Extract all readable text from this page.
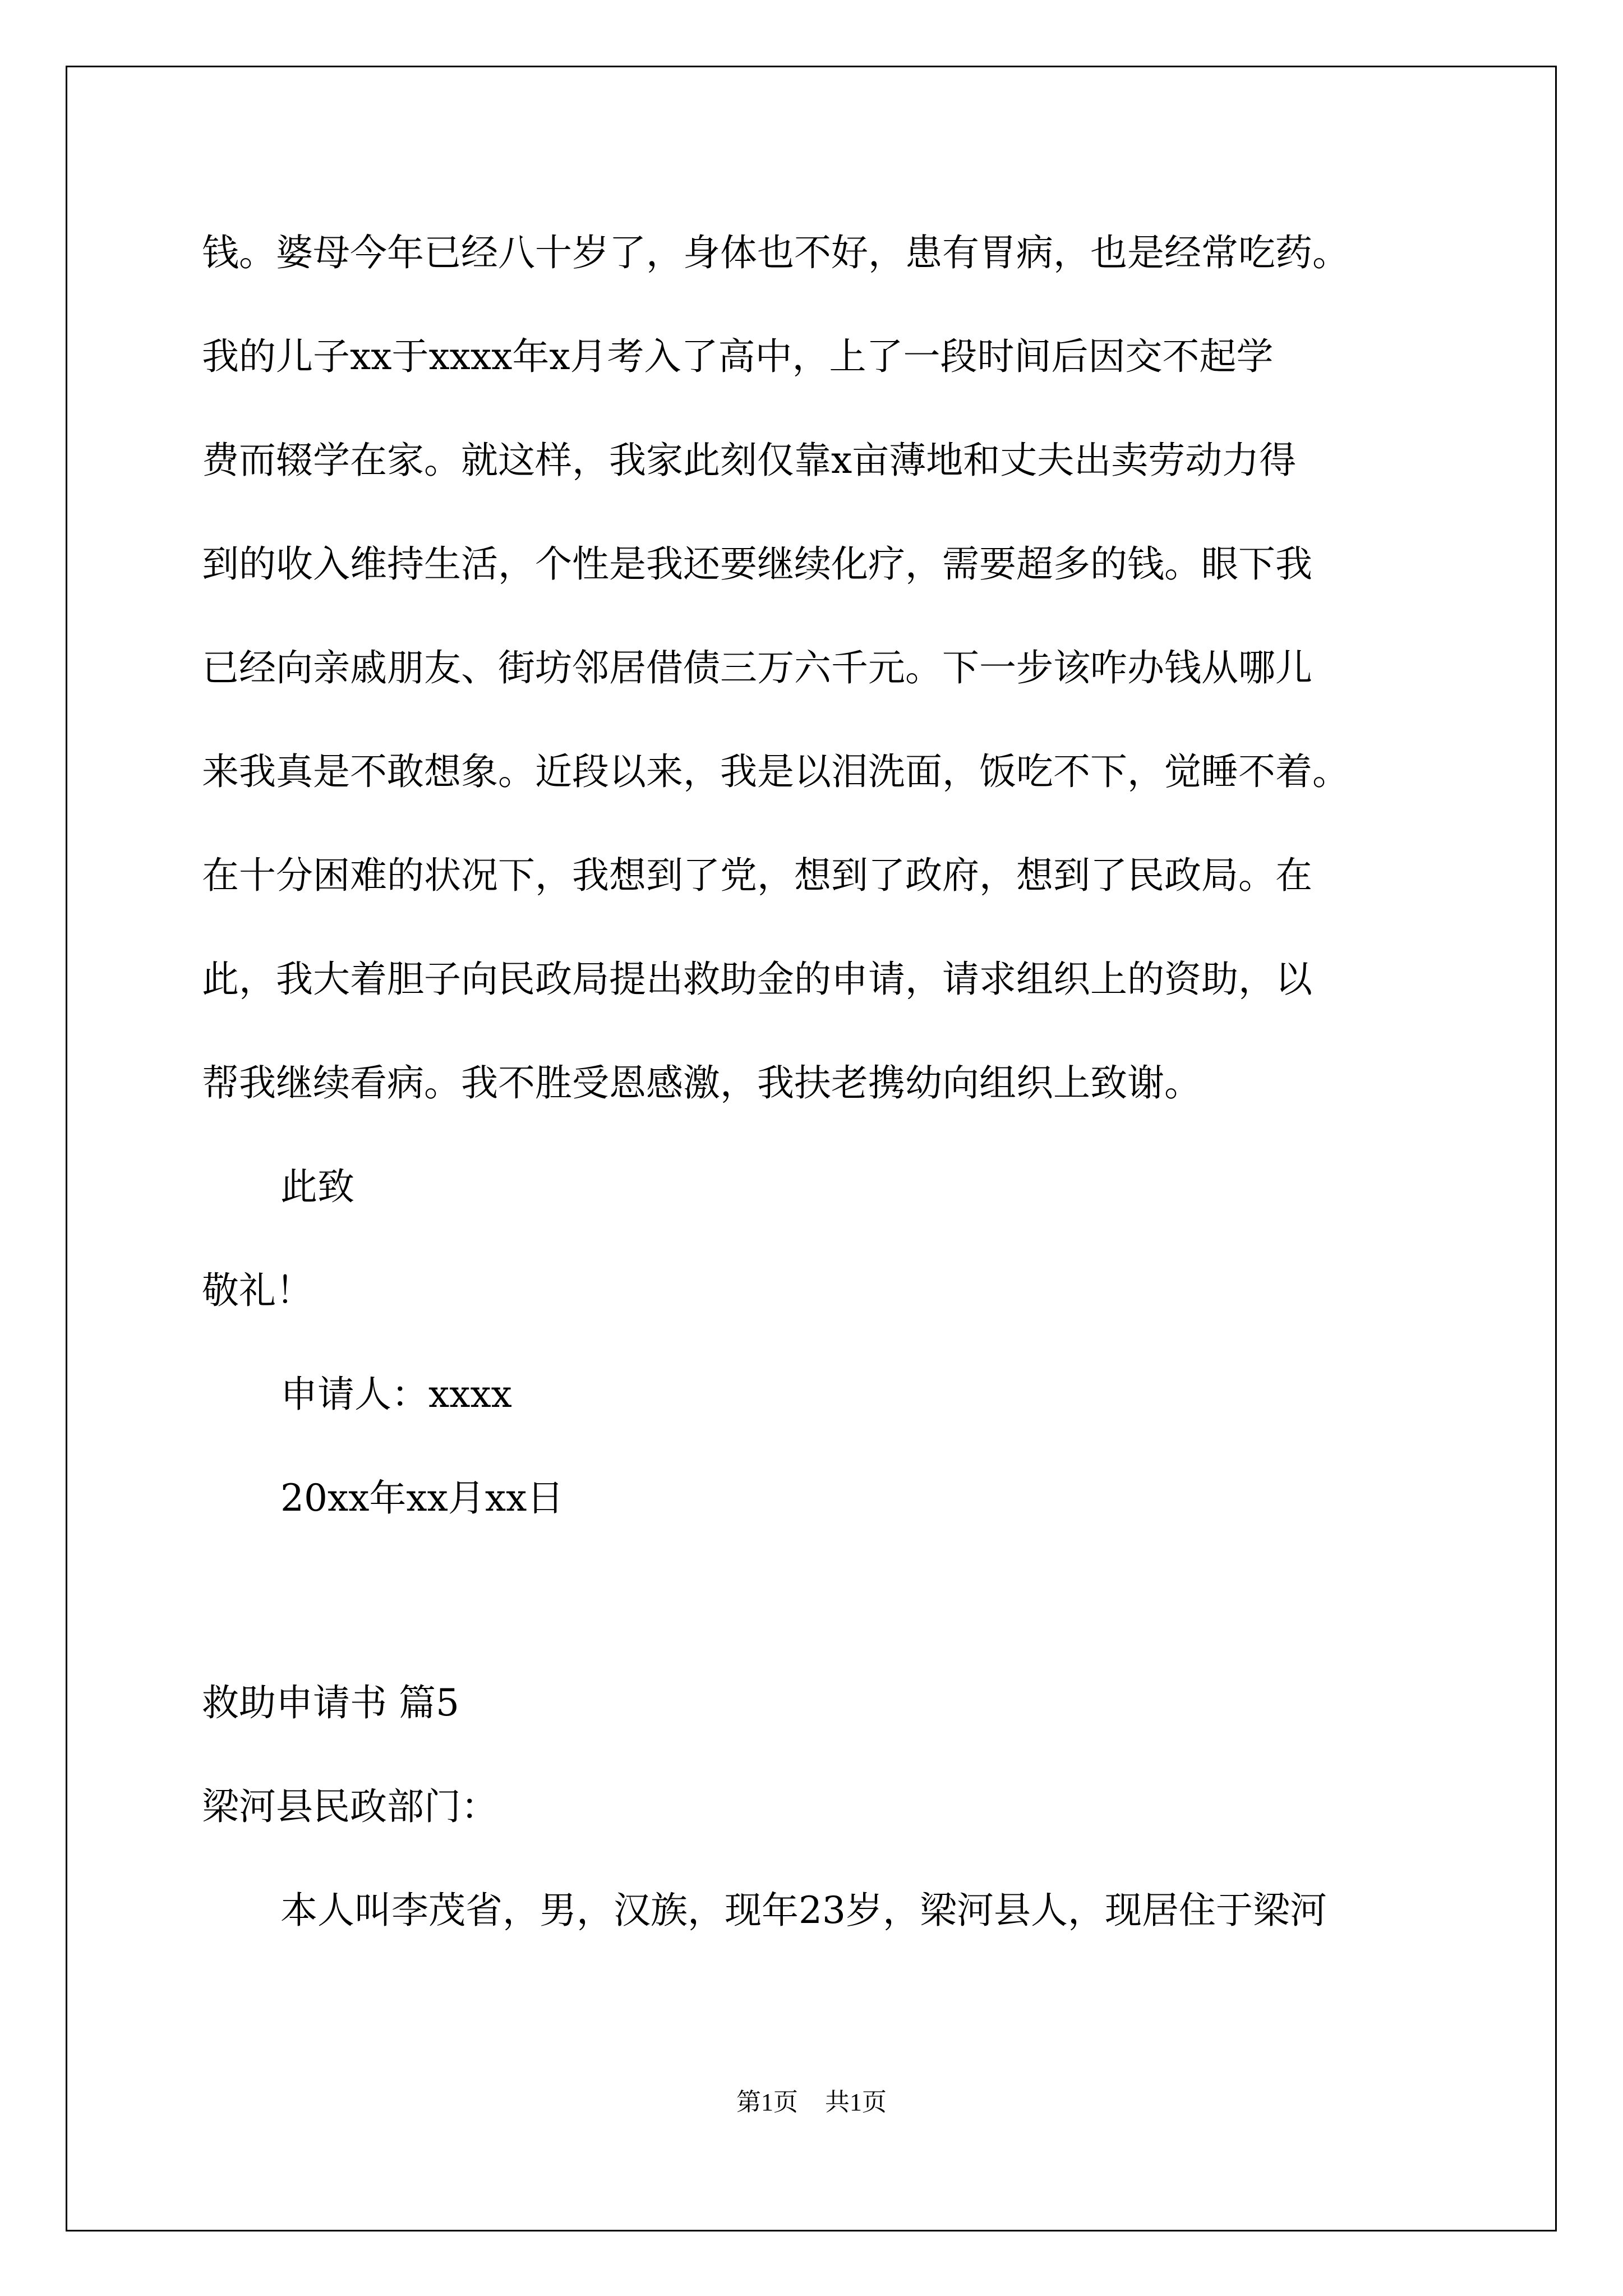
钱。婆母今年已经八十岁了，身体也不好，患有胃病，也是经常吃药。
我的儿子xx于xxxx年x月考入了高中，上了一段时间后因交不起学
费而辍学在家。就这样，我家此刻仅靠x亩薄地和丈夫出卖劳动力得
到的收入维持生活，个性是我还要继续化疗，需要超多的钱。眼下我
已经向亲戚朋友、街坊邻居借债三万六千元。下一步该咋办钱从哪儿
来我真是不敢想象。近段以来，我是以泪洗面，饭吃不下，觉睡不着。
在十分困难的状况下，我想到了党，想到了政府，想到了民政局。在
此，我大着胆子向民政局提出救助金的申请，请求组织上的资助，以
帮我继续看病。我不胜受恩感激，我扶老携幼向组织上致谢。
此致
敬礼！
申请人：xxxx
20xx年xx月xx日
救助申请书 篇5
梁河县民政部门：
本人叫李茂省，男，汉族，现年23岁，梁河县人，现居住于梁河
第1页 共1页
